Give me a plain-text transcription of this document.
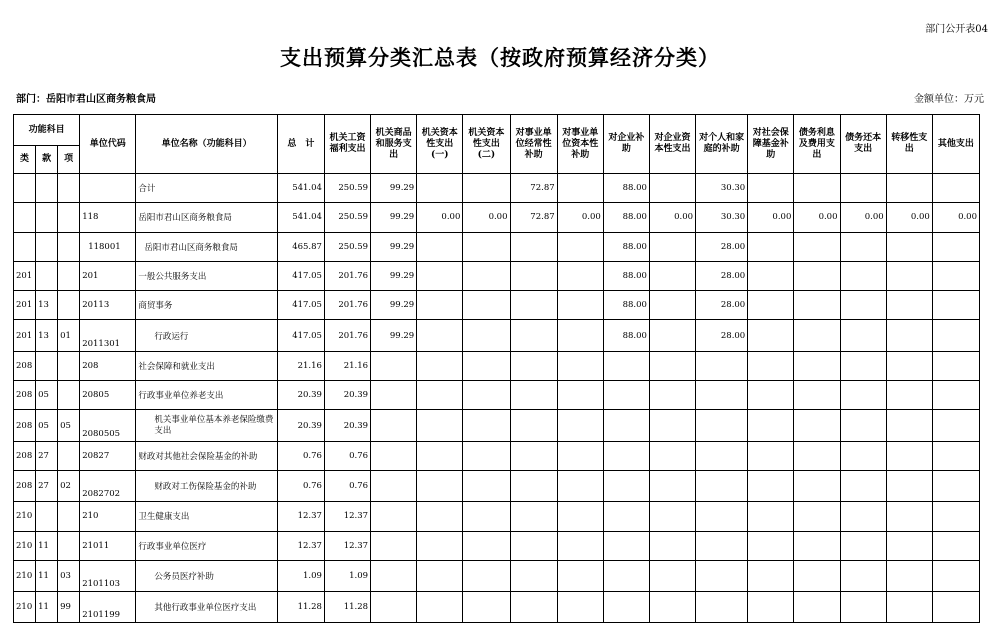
部门公开表04
支出预算分类汇总表（按政府预算经济分类）
部门：岳阳市君山区商务粮食局	金额单位：万元
功能科目			单位代码	单位名称（功能科目）	总　计	机关工资福利支出	机关商品和服务支出	机关资本性支出(一)	机关资本性支出(二)	对事业单位经常性补助	对事业单位资本性补助	对企业补助	对企业资本性支出	对个人和家庭的补助	对社会保障基金补助	债务利息及费用支出	债务还本支出	转移性支出	其他支出
类	款	项																	
				合计	541.04	250.59	99.29			72.87		88.00		30.30					
			118	岳阳市君山区商务粮食局	541.04	250.59	99.29	0.00	0.00	72.87	0.00	88.00	0.00	30.30	0.00	0.00	0.00	0.00	0.00
			118001	岳阳市君山区商务粮食局	465.87	250.59	99.29					88.00		28.00					
201			201	一般公共服务支出	417.05	201.76	99.29					88.00		28.00					
201	13		20113	商贸事务	417.05	201.76	99.29					88.00		28.00					
201	13	01	2011301	行政运行	417.05	201.76	99.29					88.00		28.00					
208			208	社会保障和就业支出	21.16	21.16													
208	05		20805	行政事业单位养老支出	20.39	20.39													
208	05	05	2080505	机关事业单位基本养老保险缴费支出	20.39	20.39													
208	27		20827	财政对其他社会保险基金的补助	0.76	0.76													
208	27	02	2082702	财政对工伤保险基金的补助	0.76	0.76													
210			210	卫生健康支出	12.37	12.37													
210	11		21011	行政事业单位医疗	12.37	12.37													
210	11	03	2101103	公务员医疗补助	1.09	1.09													
210	11	99	2101199	其他行政事业单位医疗支出	11.28	11.28													
